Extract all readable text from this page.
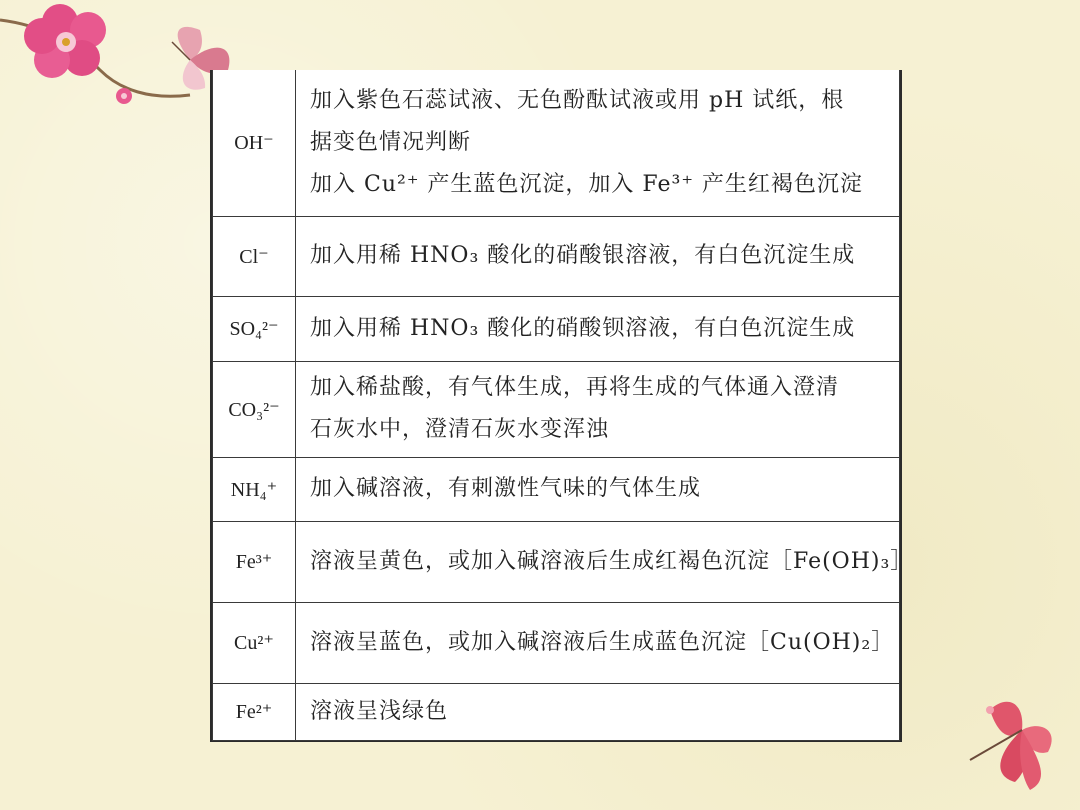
OH⁻	加入紫色石蕊试液、无色酚酞试液或用 pH 试纸，根
据变色情况判断
加入 Cu²⁺ 产生蓝色沉淀，加入 Fe³⁺ 产生红褐色沉淀

Cl⁻	加入用稀 HNO₃ 酸化的硝酸银溶液，有白色沉淀生成

SO₄²⁻	加入用稀 HNO₃ 酸化的硝酸钡溶液，有白色沉淀生成

CO₃²⁻	加入稀盐酸，有气体生成，再将生成的气体通入澄清
石灰水中，澄清石灰水变浑浊

NH₄⁺	加入碱溶液，有刺激性气味的气体生成

Fe³⁺	溶液呈黄色，或加入碱溶液后生成红褐色沉淀［Fe(OH)₃］

Cu²⁺	溶液呈蓝色，或加入碱溶液后生成蓝色沉淀［Cu(OH)₂］

Fe²⁺	溶液呈浅绿色
